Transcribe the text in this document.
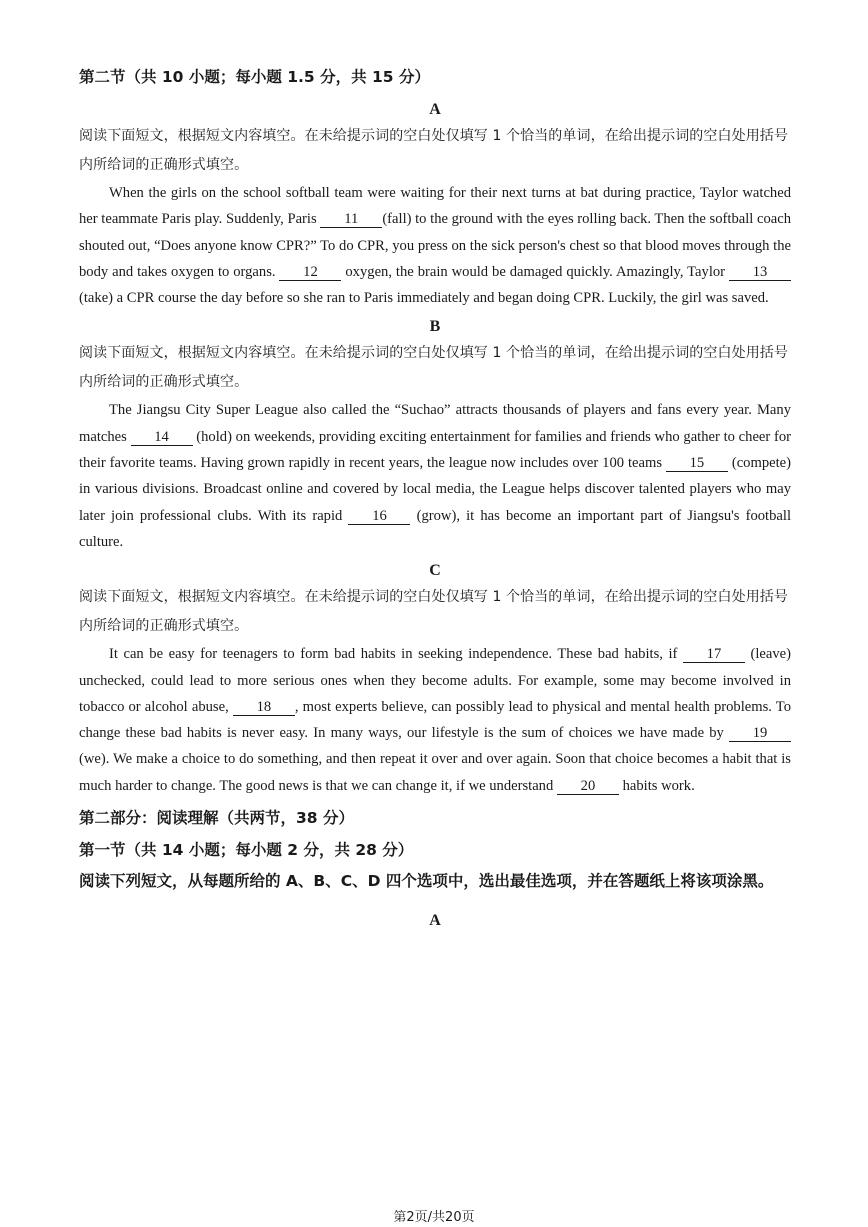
第二节（共 10 小题；每小题 1.5 分，共 15 分）

A

阅读下面短文，根据短文内容填空。在未给提示词的空白处仅填写 1 个恰当的单词，在给出提示词的空白处用括号内所给词的正确形式填空。

When the girls on the school softball team were waiting for their next turns at bat during practice, Taylor watched her teammate Paris play. Suddenly, Paris 11 (fall) to the ground with the eyes rolling back. Then the softball coach shouted out, “Does anyone know CPR?” To do CPR, you press on the sick person's chest so that blood moves through the body and takes oxygen to organs. 12 oxygen, the brain would be damaged quickly. Amazingly, Taylor 13(take) a CPR course the day before so she ran to Paris immediately and began doing CPR. Luckily, the girl was saved.

B

阅读下面短文，根据短文内容填空。在未给提示词的空白处仅填写 1 个恰当的单词，在给出提示词的空白处用括号内所给词的正确形式填空。

The Jiangsu City Super League also called the “Suchao” attracts thousands of players and fans every year. Many matches 14 (hold) on weekends, providing exciting entertainment for families and friends who gather to cheer for their favorite teams. Having grown rapidly in recent years, the league now includes over 100 teams 15 (compete) in various divisions. Broadcast online and covered by local media, the League helps discover talented players who may later join professional clubs. With its rapid 16 (grow), it has become an important part of Jiangsu's football culture.

C

阅读下面短文，根据短文内容填空。在未给提示词的空白处仅填写 1 个恰当的单词，在给出提示词的空白处用括号内所给词的正确形式填空。

It can be easy for teenagers to form bad habits in seeking independence. These bad habits, if 17 (leave) unchecked, could lead to more serious ones when they become adults. For example, some may become involved in tobacco or alcohol abuse, 18 , most experts believe, can possibly lead to physical and mental health problems. To change these bad habits is never easy. In many ways, our lifestyle is the sum of choices we have made by 19 (we). We make a choice to do something, and then repeat it over and over again. Soon that choice becomes a habit that is much harder to change. The good news is that we can change it, if we understand 20 habits work.

第二部分：阅读理解（共两节，38 分）

第一节（共 14 小题；每小题 2 分，共 28 分）

阅读下列短文，从每题所给的 A、B、C、D 四个选项中，选出最佳选项，并在答题纸上将该项涂黑。

A

第2页/共20页
